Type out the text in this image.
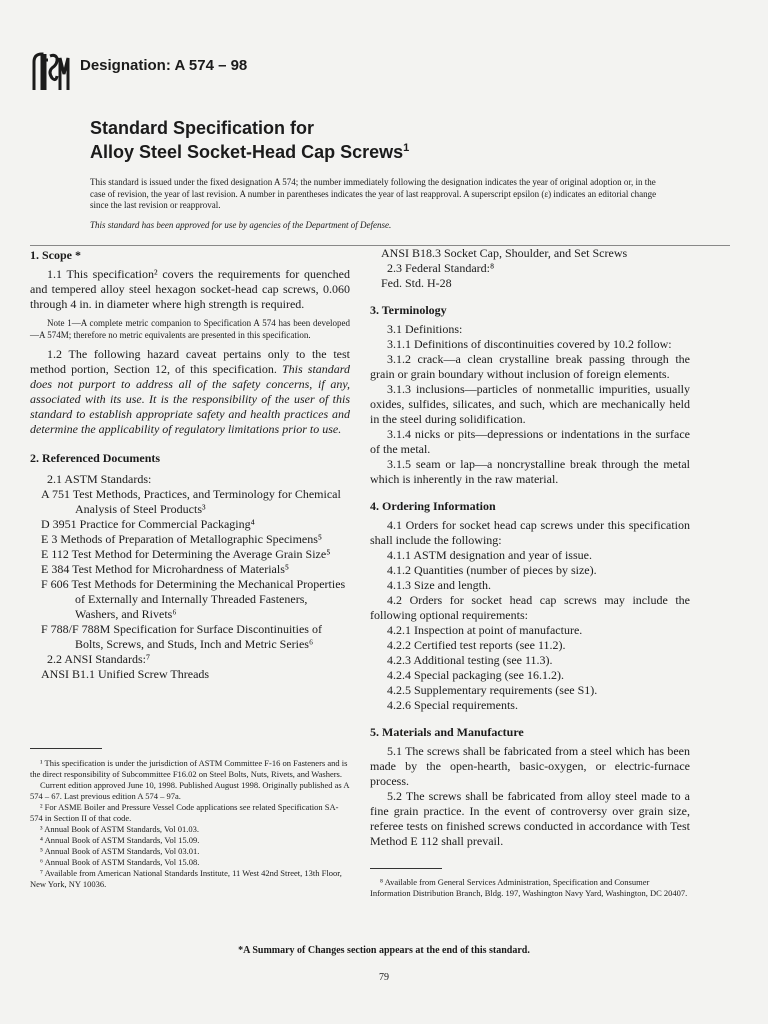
Designation: A 574 – 98
Standard Specification for
Alloy Steel Socket-Head Cap Screws$^1$

This standard is issued under the fixed designation A 574; the number immediately following the designation indicates the year of original adoption or, in the case of revision, the year of last revision. A number in parentheses indicates the year of last reapproval. A superscript epsilon (ε) indicates an editorial change since the last revision or reapproval.

This standard has been approved for use by agencies of the Department of Defense.

1. Scope *

1.1 This specification² covers the requirements for quenched and tempered alloy steel hexagon socket-head cap screws, 0.060 through 4 in. in diameter where high strength is required.

Note 1—A complete metric companion to Specification A 574 has been developed—A 574M; therefore no metric equivalents are presented in this specification.

1.2 The following hazard caveat pertains only to the test method portion, Section 12, of this specification. This standard does not purport to address all of the safety concerns, if any, associated with its use. It is the responsibility of the user of this standard to establish appropriate safety and health practices and determine the applicability of regulatory limitations prior to use.

2. Referenced Documents

2.1 ASTM Standards:

A 751 Test Methods, Practices, and Terminology for Chemical Analysis of Steel Products³

D 3951 Practice for Commercial Packaging⁴

E 3 Methods of Preparation of Metallographic Specimens⁵

E 112 Test Method for Determining the Average Grain Size⁵

E 384 Test Method for Microhardness of Materials⁵

F 606 Test Methods for Determining the Mechanical Properties of Externally and Internally Threaded Fasteners, Washers, and Rivets⁶

F 788/F 788M Specification for Surface Discontinuities of Bolts, Screws, and Studs, Inch and Metric Series⁶

2.2 ANSI Standards:⁷

ANSI B1.1 Unified Screw Threads

¹ This specification is under the jurisdiction of ASTM Committee F-16 on Fasteners and is the direct responsibility of Subcommittee F16.02 on Steel Bolts, Nuts, Rivets, and Washers.

Current edition approved June 10, 1998. Published August 1998. Originally published as A 574 – 67. Last previous edition A 574 – 97a.

² For ASME Boiler and Pressure Vessel Code applications see related Specification SA-574 in Section II of that code.

³ Annual Book of ASTM Standards, Vol 01.03.

⁴ Annual Book of ASTM Standards, Vol 15.09.

⁵ Annual Book of ASTM Standards, Vol 03.01.

⁶ Annual Book of ASTM Standards, Vol 15.08.

⁷ Available from American National Standards Institute, 11 West 42nd Street, 13th Floor, New York, NY 10036.

ANSI B18.3 Socket Cap, Shoulder, and Set Screws

2.3 Federal Standard:⁸

Fed. Std. H-28

3. Terminology

3.1 Definitions:

3.1.1 Definitions of discontinuities covered by 10.2 follow:

3.1.2 crack—a clean crystalline break passing through the grain or grain boundary without inclusion of foreign elements.

3.1.3 inclusions—particles of nonmetallic impurities, usually oxides, sulfides, silicates, and such, which are mechanically held in the steel during solidification.

3.1.4 nicks or pits—depressions or indentations in the surface of the metal.

3.1.5 seam or lap—a noncrystalline break through the metal which is inherently in the raw material.

4. Ordering Information

4.1 Orders for socket head cap screws under this specification shall include the following:

4.1.1 ASTM designation and year of issue.

4.1.2 Quantities (number of pieces by size).

4.1.3 Size and length.

4.2 Orders for socket head cap screws may include the following optional requirements:

4.2.1 Inspection at point of manufacture.

4.2.2 Certified test reports (see 11.2).

4.2.3 Additional testing (see 11.3).

4.2.4 Special packaging (see 16.1.2).

4.2.5 Supplementary requirements (see S1).

4.2.6 Special requirements.

5. Materials and Manufacture

5.1 The screws shall be fabricated from a steel which has been made by the open-hearth, basic-oxygen, or electric-furnace process.

5.2 The screws shall be fabricated from alloy steel made to a fine grain practice. In the event of controversy over grain size, referee tests on finished screws conducted in accordance with Test Method E 112 shall prevail.

⁸ Available from General Services Administration, Specification and Consumer Information Distribution Branch, Bldg. 197, Washington Navy Yard, Washington, DC 20407.

*A Summary of Changes section appears at the end of this standard.
79
